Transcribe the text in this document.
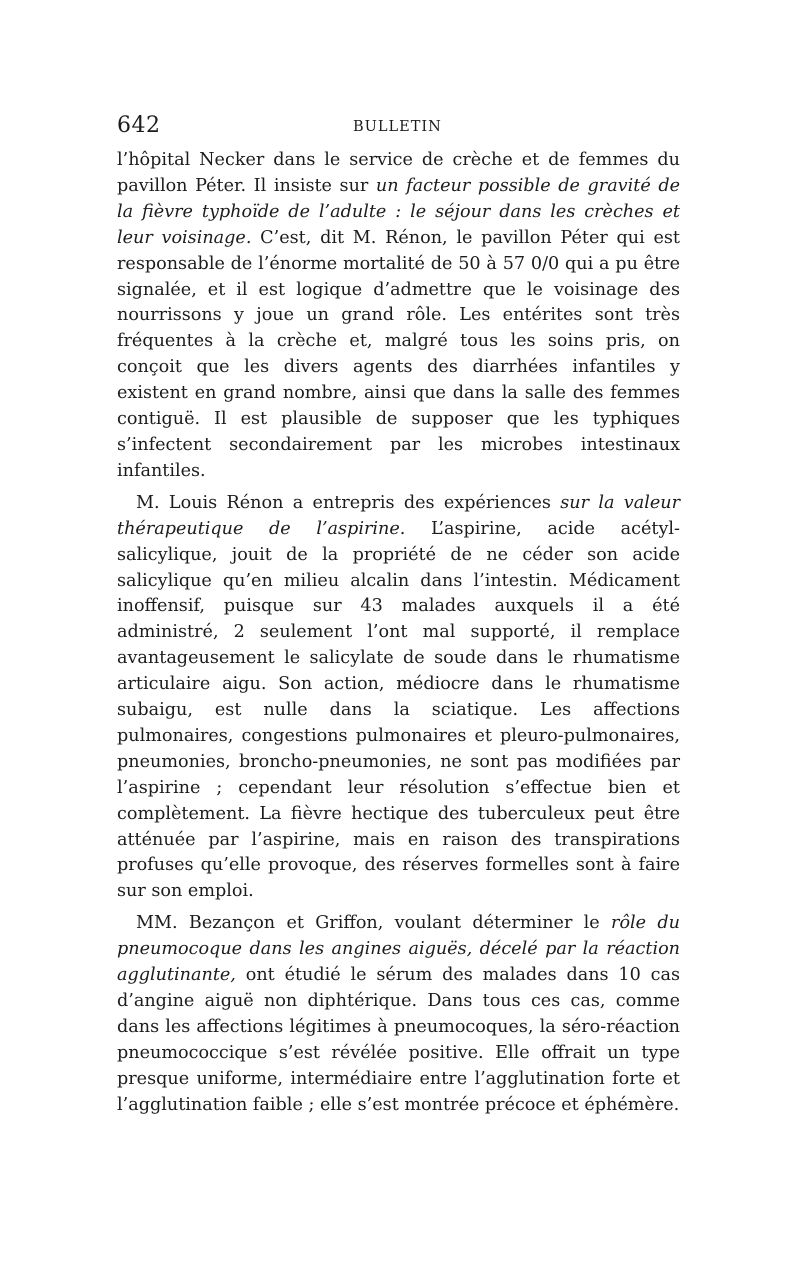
642	BULLETIN

l’hôpital Necker dans le service de crèche et de femmes du pavillon Péter. Il insiste sur un facteur possible de gravité de la fièvre typhoïde de l’adulte : le séjour dans les crèches et leur voisinage. C’est, dit M. Rénon, le pavillon Péter qui est responsable de l’énorme mortalité de 50 à 57 0/0 qui a pu être signalée, et il est logique d’admettre que le voisinage des nourrissons y joue un grand rôle. Les entérites sont très fréquentes à la crèche et, malgré tous les soins pris, on conçoit que les divers agents des diarrhées infantiles y existent en grand nombre, ainsi que dans la salle des femmes contiguë. Il est plausible de supposer que les typhiques s’infectent secondairement par les microbes intestinaux infantiles.

M. Louis Rénon a entrepris des expériences sur la valeur thérapeutique de l’aspirine. L’aspirine, acide acétyl-salicylique, jouit de la propriété de ne céder son acide salicylique qu’en milieu alcalin dans l’intestin. Médicament inoffensif, puisque sur 43 malades auxquels il a été administré, 2 seulement l’ont mal supporté, il remplace avantageusement le salicylate de soude dans le rhumatisme articulaire aigu. Son action, médiocre dans le rhumatisme subaigu, est nulle dans la sciatique. Les affections pulmonaires, congestions pulmonaires et pleuro-pulmonaires, pneumonies, broncho-pneumonies, ne sont pas modifiées par l’aspirine ; cependant leur résolution s’effectue bien et complètement. La fièvre hectique des tuberculeux peut être atténuée par l’aspirine, mais en raison des transpirations profuses qu’elle provoque, des réserves formelles sont à faire sur son emploi.

MM. Bezançon et Griffon, voulant déterminer le rôle du pneumocoque dans les angines aiguës, décelé par la réaction agglutinante, ont étudié le sérum des malades dans 10 cas d’angine aiguë non diphtérique. Dans tous ces cas, comme dans les affections légitimes à pneumocoques, la séro-réaction pneumococcique s’est révélée positive. Elle offrait un type presque uniforme, intermédiaire entre l’agglutination forte et l’agglutination faible ; elle s’est montrée précoce et éphémère.
